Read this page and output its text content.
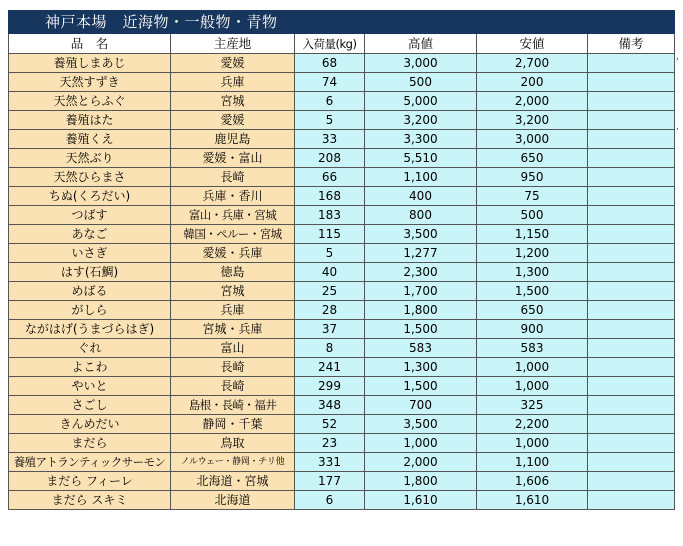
神戸本場　近海物・一般物・青物					
品　名	主産地	入荷量(kg)	高値	安値	備考
養殖しまあじ	愛媛	68	3,000	2,700	
天然すずき	兵庫	74	500	200	
天然とらふぐ	宮城	6	5,000	2,000	
養殖はた	愛媛	5	3,200	3,200	
養殖くえ	鹿児島	33	3,300	3,000	
天然ぶり	愛媛・富山	208	5,510	650	
天然ひらまさ	長崎	66	1,100	950	
ちぬ(くろだい)	兵庫・香川	168	400	75	
つばす	富山・兵庫・宮城	183	800	500	
あなご	韓国・ペルー・宮城	115	3,500	1,150	
いさぎ	愛媛・兵庫	5	1,277	1,200	
はす(石鯛)	徳島	40	2,300	1,300	
めばる	宮城	25	1,700	1,500	
がしら	兵庫	28	1,800	650	
ながはげ(うまづらはぎ)	宮城・兵庫	37	1,500	900	
ぐれ	富山	8	583	583	
よこわ	長崎	241	1,300	1,000	
やいと	長崎	299	1,500	1,000	
さごし	島根・長崎・福井	348	700	325	
きんめだい	静岡・千葉	52	3,500	2,200	
まだら	鳥取	23	1,000	1,000	
養殖アトランティックサーモン	ノルウェー・静岡・チリ他	331	2,000	1,100	
まだら フィーレ	北海道・宮城	177	1,800	1,606	
まだら スキミ	北海道	6	1,610	1,610	
,
,
